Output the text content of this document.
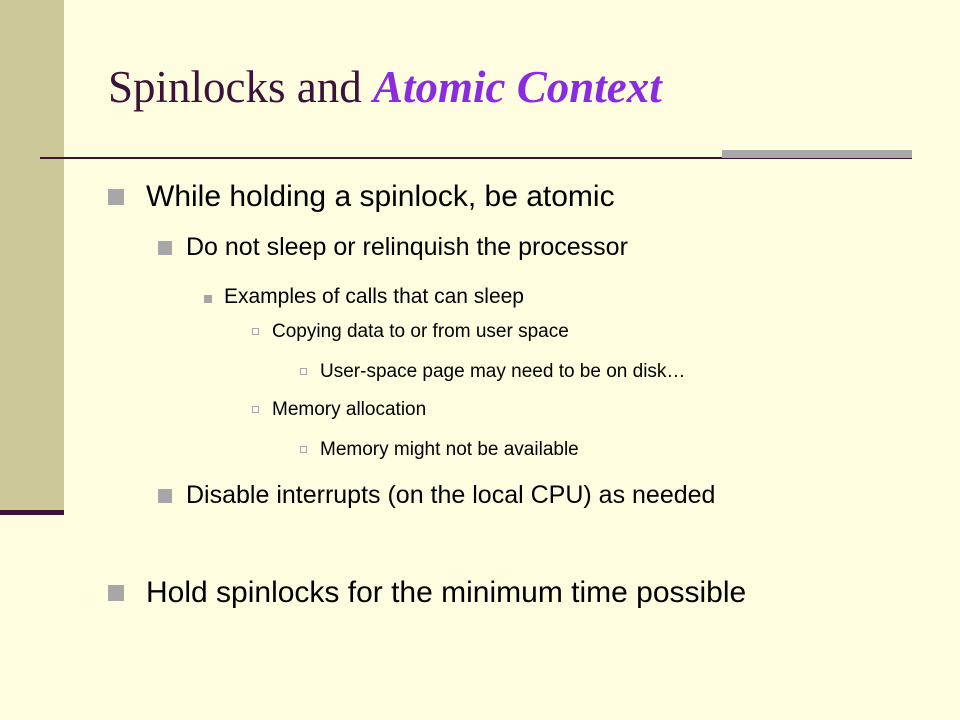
Spinlocks and Atomic Context
While holding a spinlock, be atomic
Do not sleep or relinquish the processor
Examples of calls that can sleep
Copying data to or from user space
User-space page may need to be on disk…
Memory allocation
Memory might not be available
Disable interrupts (on the local CPU) as needed
Hold spinlocks for the minimum time possible
